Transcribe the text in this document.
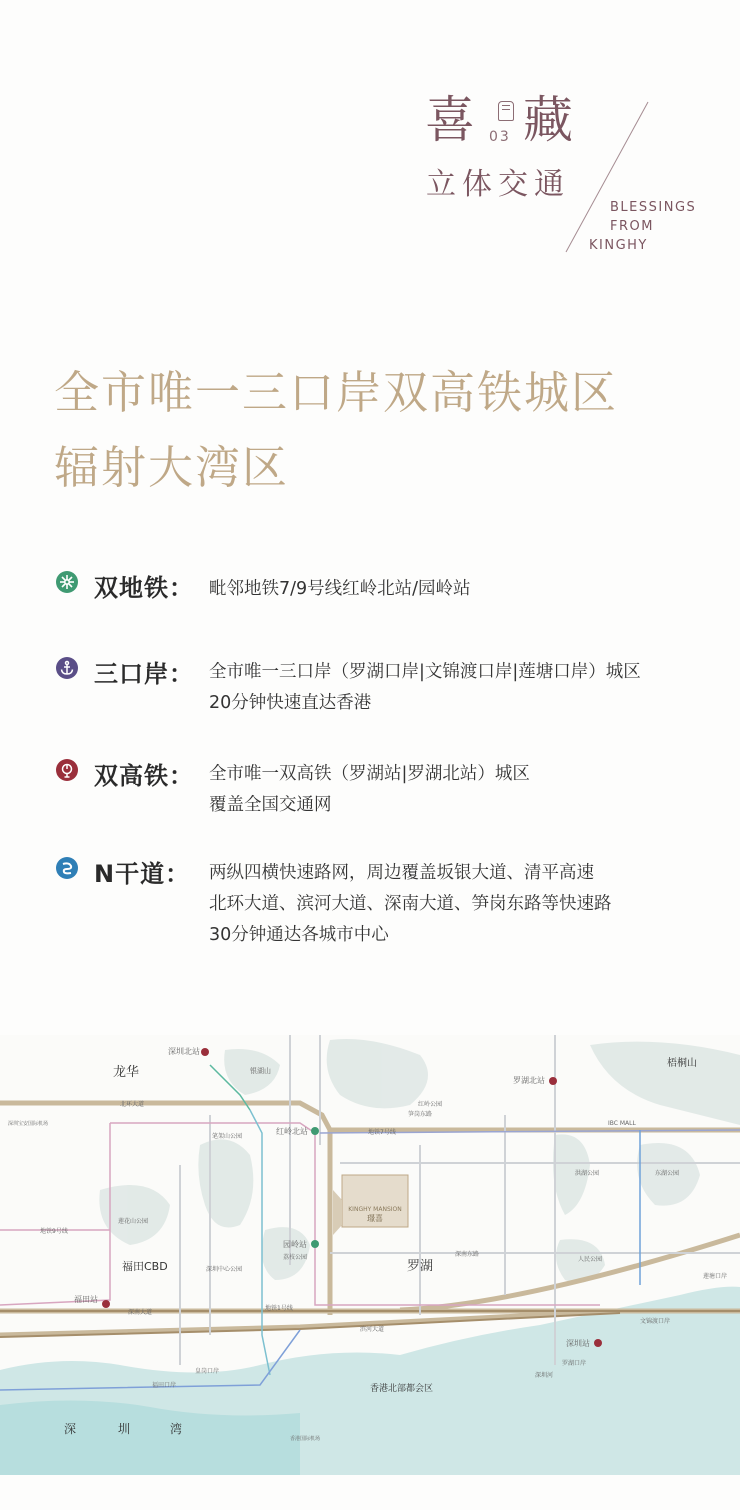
喜 03 藏
立体交通
BLESSINGS
FROM
KINGHY
全市唯一三口岸双高铁城区
辐射大湾区
双地铁： 毗邻地铁7/9号线红岭北站/园岭站
三口岸： 全市唯一三口岸（罗湖口岸|文锦渡口岸|莲塘口岸）城区
20分钟快速直达香港
双高铁： 全市唯一双高铁（罗湖站|罗湖北站）城区
覆盖全国交通网
N干道： 两纵四横快速路网，周边覆盖坂银大道、清平高速
北环大道、滨河大道、深南大道、笋岗东路等快速路
30分钟通达各城市中心
KINGHY MANSION
璟喜
龙华
福田CBD	罗湖
梧桐山
香港北部都会区
深	圳	湾
深圳北站
罗湖北站
红岭北站
园岭站
福田站
深圳站
北环大道
深南大道
滨河大道
笋岗东路
深南东路
地铁7号线
地铁9号线
地铁1号线
银湖山
笔架山公园
莲花山公园
深圳中心公园
荔枝公园
洪湖公园
人民公园
东湖公园
红岭公园
皇岗口岸
福田口岸
罗湖口岸
文锦渡口岸
莲塘口岸
IBC MALL
香港国际机场
深圳宝安国际机场
深圳河
